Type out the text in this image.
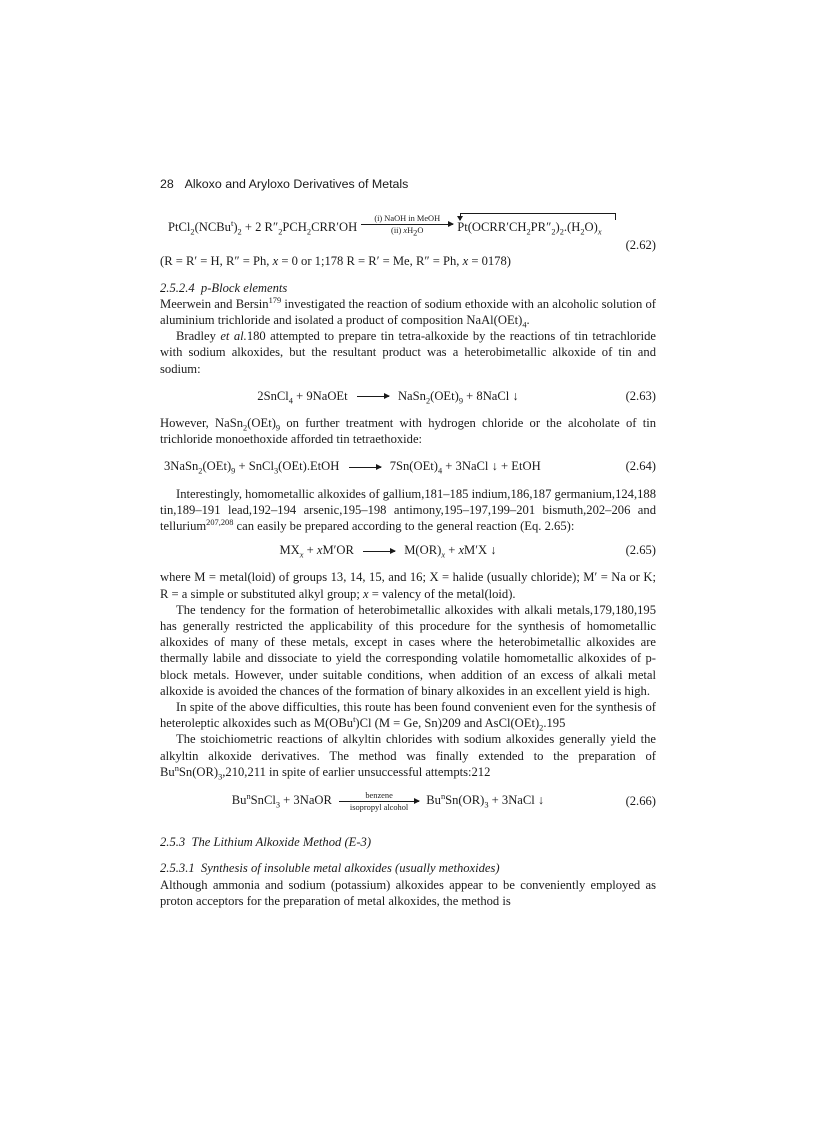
28 Alkoxo and Aryloxo Derivatives of Metals
$PtCl_2(NCBu^t)_2 + 2$ $R''_2PCH_2CRR'OH$
(i) NaOH in MeOH
(ii) $xH_2O$	$Pt(OCRR'CH_2PR''_2)_2.(H_2O)_x$
(2.62)
(R = R′ = H, R″ = Ph, x = 0 or 1;178 R = R′ = Me, R″ = Ph, x = 0178)
2.5.2.4  p-Block elements

Meerwein and Bersin$^{179}$ investigated the reaction of sodium ethoxide with an alcoholic solution of aluminium trichloride and isolated a product of composition $NaAl(OEt)_4$.

Bradley et al.180 attempted to prepare tin tetra-alkoxide by the reactions of tin tetrachloride with sodium alkoxides, but the resultant product was a heterobimetallic alkoxide of tin and sodium:

2SnCl$_4$ + 9NaOEt	$NaSn_2(OEt)_9$ + 8NaCl ↓	(2.63)

However, $NaSn_2(OEt)_9$ on further treatment with hydrogen chloride or the alcoholate of tin trichloride monoethoxide afforded tin tetraethoxide:

$3NaSn_2(OEt)_9$ + SnCl$_3$(OEt).EtOH	$7Sn(OEt)_4$ + 3NaCl ↓ + EtOH	(2.64)

Interestingly, homometallic alkoxides of gallium,181–185 indium,186,187 germanium,124,188 tin,189–191 lead,192–194 arsenic,195–198 antimony,195–197,199–201 bismuth,202–206 and tellurium$^{207,208}$ can easily be prepared according to the general reaction (Eq. 2.65):

$MX_x + xM'OR$	$M(OR)_x + xM'X$ ↓	(2.65)

where M = metal(loid) of groups 13, 14, 15, and 16; X = halide (usually chloride); M′ = Na or K; R = a simple or substituted alkyl group; x = valency of the metal(loid).

The tendency for the formation of heterobimetallic alkoxides with alkali metals,179,180,195 has generally restricted the applicability of this procedure for the synthesis of homometallic alkoxides of many of these metals, except in cases where the heterobimetallic alkoxides are thermally labile and dissociate to yield the corresponding volatile homometallic alkoxides of p-block metals. However, under suitable conditions, when addition of an excess of alkali metal alkoxide is avoided the chances of the formation of binary alkoxides in an excellent yield is high.

In spite of the above difficulties, this route has been found convenient even for the synthesis of heteroleptic alkoxides such as M(OBu$^t$)Cl (M = Ge, Sn)209 and $AsCl(OEt)_2.195$

The stoichiometric reactions of alkyltin chlorides with sodium alkoxides generally yield the alkyltin alkoxide derivatives. The method was finally extended to the preparation of $Bu^nSn(OR)_3,210,211$ in spite of earlier unsuccessful attempts:212

$Bu^nSnCl_3$ + 3NaOR	benzene
isopropyl alcohol
$Bu^nSn(OR)_3$ + 3NaCl ↓	(2.66)
2.5.3  The Lithium Alkoxide Method (E-3)
2.5.3.1  Synthesis of insoluble metal alkoxides (usually methoxides)

Although ammonia and sodium (potassium) alkoxides appear to be conveniently employed as proton acceptors for the preparation of metal alkoxides, the method is
